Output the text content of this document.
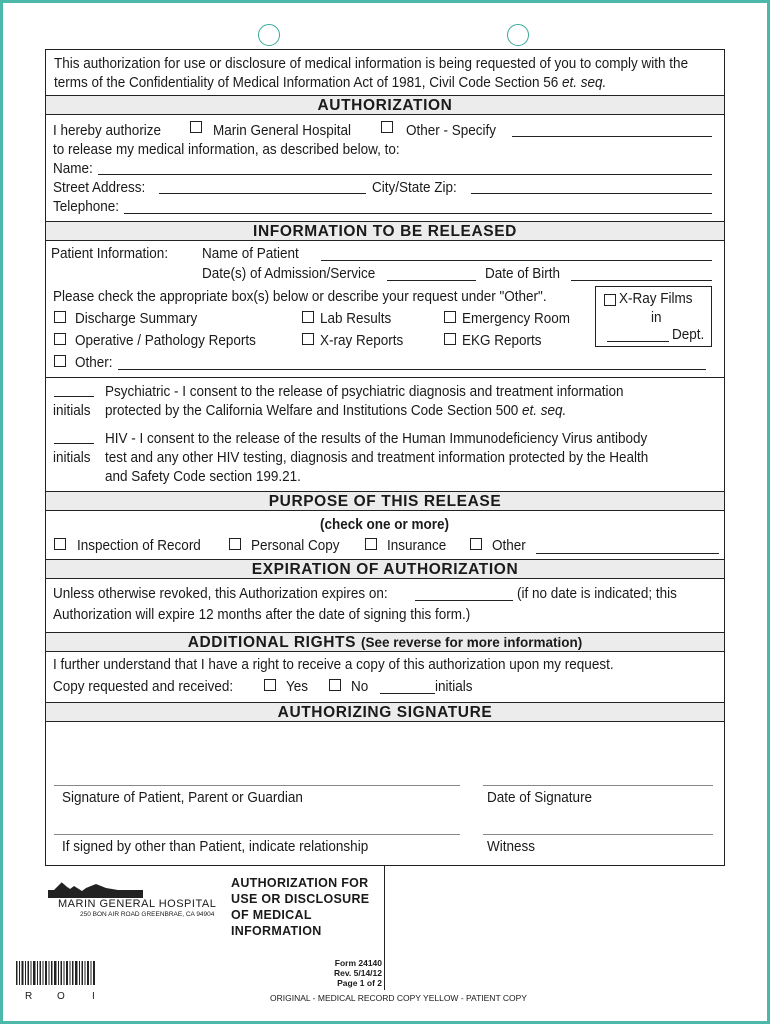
This authorization for use or disclosure of medical information is being requested of you to comply with the
terms of the Confidentiality of Medical Information Act of 1981, Civil Code Section 56 et. seq.
AUTHORIZATION
I hereby authorize	Marin General Hospital	Other - Specify
to release my medical information, as described below, to:
Name:
Street Address:	City/State Zip:
Telephone:
INFORMATION TO BE RELEASED
Patient Information: Name of Patient
Date(s) of Admission/Service	Date of Birth
Please check the appropriate box(s) below or describe your request under "Other".	X-Ray Films
in
Dept.
Discharge Summary	Lab Results	Emergency Room
Operative / Pathology Reports	X-ray Reports	EKG Reports
Other:
Psychiatric - I consent to the release of psychiatric diagnosis and treatment information
initials protected by the California Welfare and Institutions Code Section 500 et. seq.
HIV - I consent to the release of the results of the Human Immunodeficiency Virus antibody
initials test and any other HIV testing, diagnosis and treatment information protected by the Health
and Safety Code section 199.21.
PURPOSE OF THIS RELEASE
(check one or more)
Inspection of Record	Personal Copy	Insurance	Other
EXPIRATION OF AUTHORIZATION
Unless otherwise revoked, this Authorization expires on:	(if no date is indicated; this
Authorization will expire 12 months after the date of signing this form.)
ADDITIONAL RIGHTS (See reverse for more information)
I further understand that I have a right to receive a copy of this authorization upon my request.
Copy requested and received:	Yes	No	initials
AUTHORIZING SIGNATURE
Signature of Patient, Parent or Guardian	Date of Signature
If signed by other than Patient, indicate relationship	Witness
MARIN GENERAL HOSPITAL
250 BON AIR ROAD GREENBRAE, CA 94904
AUTHORIZATION FOR
USE OR DISCLOSURE
OF MEDICAL
INFORMATION
Form 24140
Rev. 5/14/12
Page 1 of 2
ORIGINAL - MEDICAL RECORD COPY YELLOW - PATIENT COPY
R O	I
